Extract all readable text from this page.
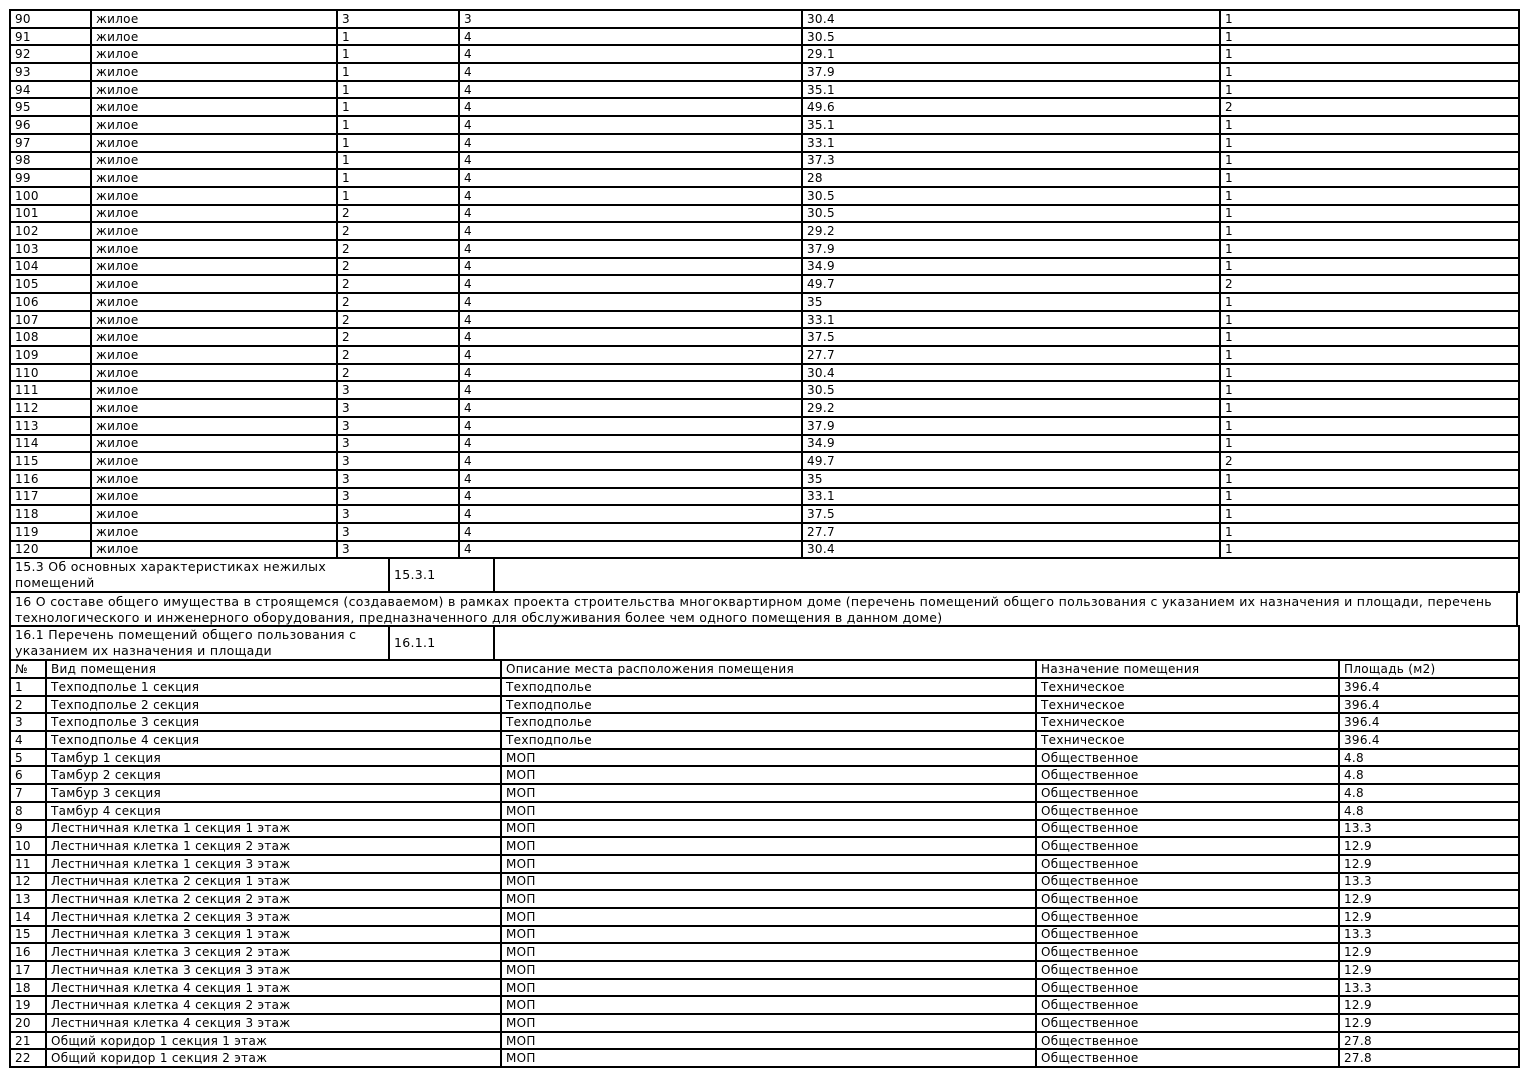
90	жилое	3	3	30.4	1
91	жилое	1	4	30.5	1
92	жилое	1	4	29.1	1
93	жилое	1	4	37.9	1
94	жилое	1	4	35.1	1
95	жилое	1	4	49.6	2
96	жилое	1	4	35.1	1
97	жилое	1	4	33.1	1
98	жилое	1	4	37.3	1
99	жилое	1	4	28	1
100	жилое	1	4	30.5	1
101	жилое	2	4	30.5	1
102	жилое	2	4	29.2	1
103	жилое	2	4	37.9	1
104	жилое	2	4	34.9	1
105	жилое	2	4	49.7	2
106	жилое	2	4	35	1
107	жилое	2	4	33.1	1
108	жилое	2	4	37.5	1
109	жилое	2	4	27.7	1
110	жилое	2	4	30.4	1
111	жилое	3	4	30.5	1
112	жилое	3	4	29.2	1
113	жилое	3	4	37.9	1
114	жилое	3	4	34.9	1
115	жилое	3	4	49.7	2
116	жилое	3	4	35	1
117	жилое	3	4	33.1	1
118	жилое	3	4	37.5	1
119	жилое	3	4	27.7	1
120	жилое	3	4	30.4	1
15.3 Об основных характеристиках нежилых помещений	15.3.1	
16 О составе общего имущества в строящемся (создаваемом) в рамках проекта строительства многоквартирном доме (перечень помещений общего пользования с указанием их назначения и площади, перечень технологического и инженерного оборудования, предназначенного для обслуживания более чем одного помещения в данном доме)
16.1 Перечень помещений общего пользования с указанием их назначения и площади	16.1.1	
№	Вид помещения	Описание места расположения помещения	Назначение помещения	Площадь (м2)
1	Техподполье 1 секция	Техподполье	Техническое	396.4
2	Техподполье 2 секция	Техподполье	Техническое	396.4
3	Техподполье 3 секция	Техподполье	Техническое	396.4
4	Техподполье 4 секция	Техподполье	Техническое	396.4
5	Тамбур 1 секция	МОП	Общественное	4.8
6	Тамбур 2 секция	МОП	Общественное	4.8
7	Тамбур 3 секция	МОП	Общественное	4.8
8	Тамбур 4 секция	МОП	Общественное	4.8
9	Лестничная клетка 1 секция 1 этаж	МОП	Общественное	13.3
10	Лестничная клетка 1 секция 2 этаж	МОП	Общественное	12.9
11	Лестничная клетка 1 секция 3 этаж	МОП	Общественное	12.9
12	Лестничная клетка 2 секция 1 этаж	МОП	Общественное	13.3
13	Лестничная клетка 2 секция 2 этаж	МОП	Общественное	12.9
14	Лестничная клетка 2 секция 3 этаж	МОП	Общественное	12.9
15	Лестничная клетка 3 секция 1 этаж	МОП	Общественное	13.3
16	Лестничная клетка 3 секция 2 этаж	МОП	Общественное	12.9
17	Лестничная клетка 3 секция 3 этаж	МОП	Общественное	12.9
18	Лестничная клетка 4 секция 1 этаж	МОП	Общественное	13.3
19	Лестничная клетка 4 секция 2 этаж	МОП	Общественное	12.9
20	Лестничная клетка 4 секция 3 этаж	МОП	Общественное	12.9
21	Общий коридор 1 секция 1 этаж	МОП	Общественное	27.8
22	Общий коридор 1 секция 2 этаж	МОП	Общественное	27.8
